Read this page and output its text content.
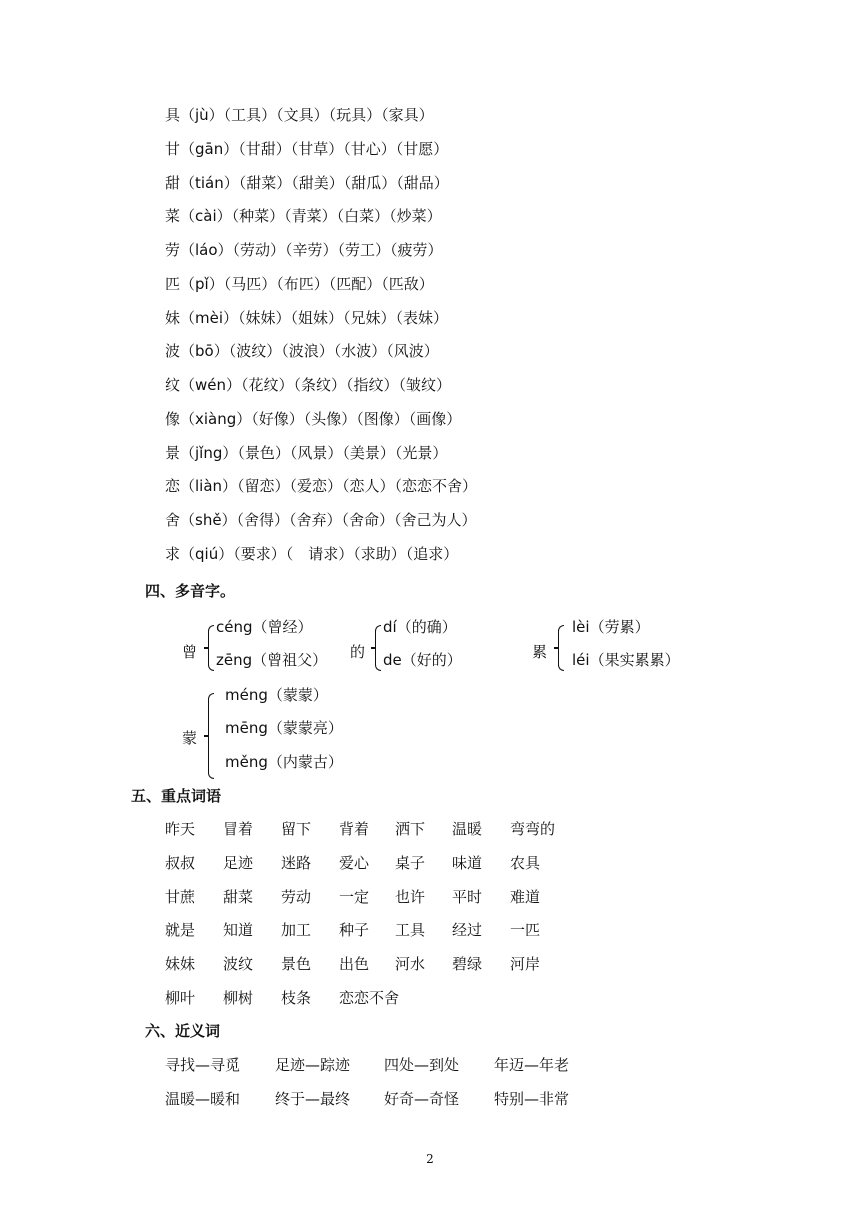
具（jù）（工具）（文具）（玩具）（家具）
甘（gān）（甘甜）（甘草）（甘心）（甘愿）
甜（tián）（甜菜）（甜美）（甜瓜）（甜品）
菜（cài）（种菜）（青菜）（白菜）（炒菜）
劳（láo）（劳动）（辛劳）（劳工）（疲劳）
匹（pǐ）（马匹）（布匹）（匹配）（匹敌）
妹（mèi）（妹妹）（姐妹）（兄妹）（表妹）
波（bō）（波纹）（波浪）（水波）（风波）
纹（wén）（花纹）（条纹）（指纹）（皱纹）
像（xiàng）（好像）（头像）（图像）（画像）
景（jǐng）（景色）（风景）（美景）（光景）
恋（liàn）（留恋）（爱恋）（恋人）（恋恋不舍）
舍（shě）（舍得）（舍弃）（舍命）（舍己为人）
求（qiú）（要求）（　请求）（求助）（追求）
四、多音字。
曾
céng（曾经）
zēng（曾祖父） 的
dí（的确）
de（好的）	累
lèi（劳累）
léi（果实累累）
蒙
méng（蒙蒙）
mēng（蒙蒙亮）
měng（内蒙古）
五、重点词语
昨天 冒着 留下 背着 洒下 温暖 弯弯的
叔叔 足迹 迷路 爱心 桌子 味道 农具
甘蔗 甜菜 劳动 一定 也许 平时 难道
就是 知道 加工 种子 工具 经过 一匹
妹妹 波纹 景色 出色 河水 碧绿 河岸
柳叶 柳树 枝条 恋恋不舍
六、近义词
寻找—寻觅 足迹—踪迹 四处—到处 年迈—年老
温暖—暖和 终于—最终 好奇—奇怪 特别—非常
2
